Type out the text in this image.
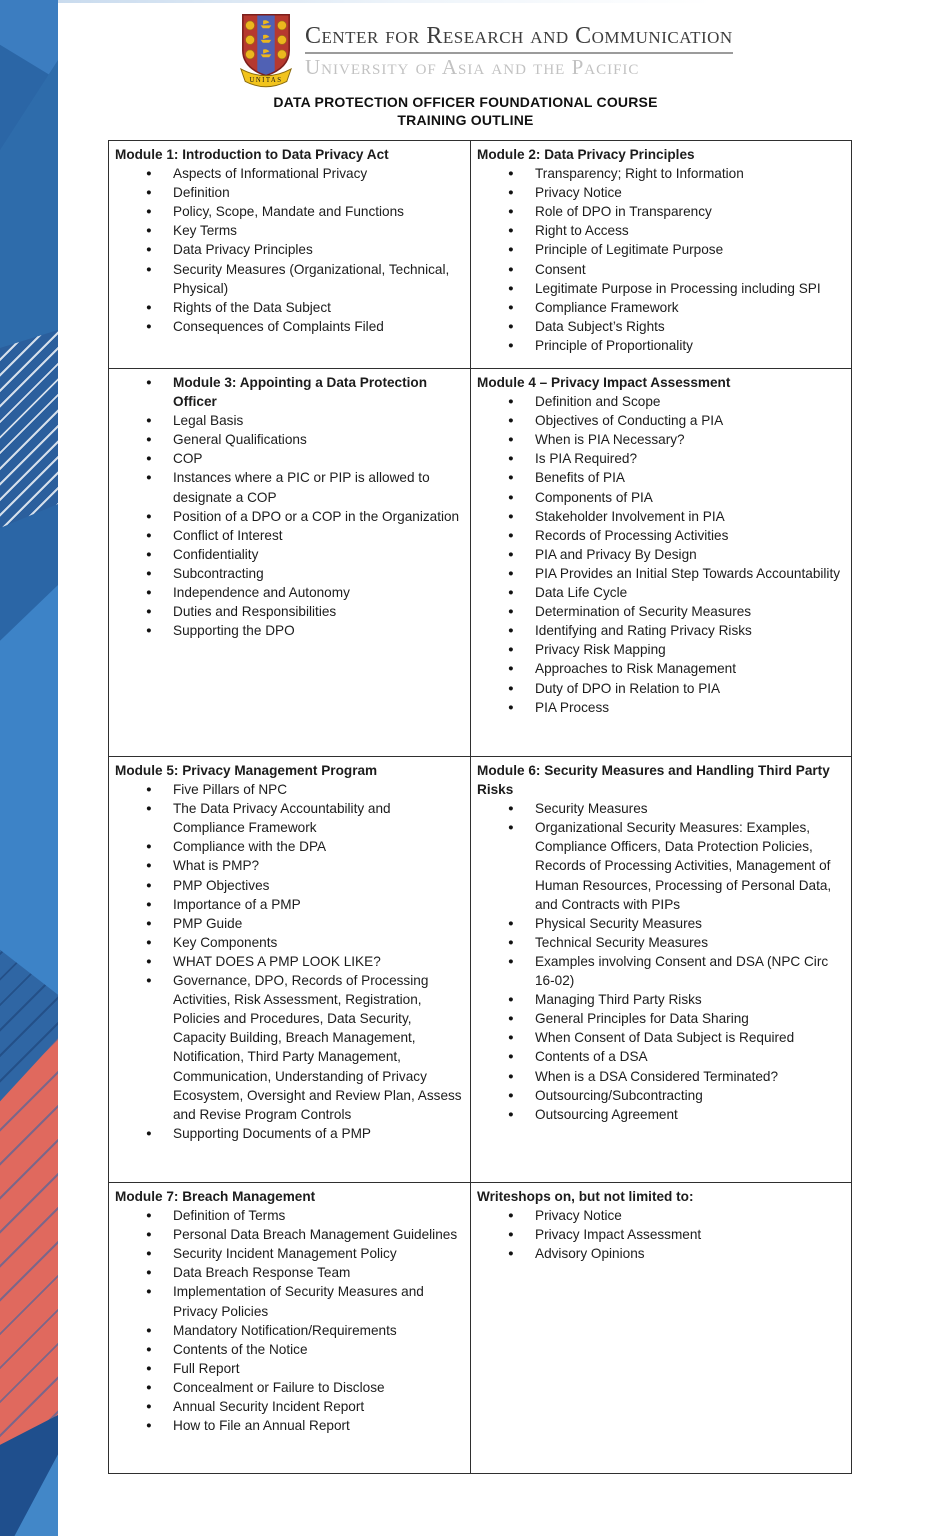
UNITAS
Center for Research and Communication
University of Asia and the Pacific
DATA PROTECTION OFFICER FOUNDATIONAL COURSE
TRAINING OUTLINE
Module 1: Introduction to Data Privacy Act
● Aspects of Informational Privacy
● Definition
● Policy, Scope, Mandate and Functions
● Key Terms
● Data Privacy Principles
● Security Measures (Organizational, Technical, Physical)
● Rights of the Data Subject
● Consequences of Complaints Filed
Module 2: Data Privacy Principles
● Transparency; Right to Information
● Privacy Notice
● Role of DPO in Transparency
● Right to Access
● Principle of Legitimate Purpose
● Consent
● Legitimate Purpose in Processing including SPI
● Compliance Framework
● Data Subject’s Rights
● Principle of Proportionality
● Module 3: Appointing a Data Protection Officer
● Legal Basis
● General Qualifications
● COP
● Instances where a PIC or PIP is allowed to designate a COP
● Position of a DPO or a COP in the Organization
● Conflict of Interest
● Confidentiality
● Subcontracting
● Independence and Autonomy
● Duties and Responsibilities
● Supporting the DPO
Module 4 – Privacy Impact Assessment
● Definition and Scope
● Objectives of Conducting a PIA
● When is PIA Necessary?
● Is PIA Required?
● Benefits of PIA
● Components of PIA
● Stakeholder Involvement in PIA
● Records of Processing Activities
● PIA and Privacy By Design
● PIA Provides an Initial Step Towards Accountability
● Data Life Cycle
● Determination of Security Measures
● Identifying and Rating Privacy Risks
● Privacy Risk Mapping
● Approaches to Risk Management
● Duty of DPO in Relation to PIA
● PIA Process
Module 5: Privacy Management Program
● Five Pillars of NPC
● The Data Privacy Accountability and Compliance Framework
● Compliance with the DPA
● What is PMP?
● PMP Objectives
● Importance of a PMP
● PMP Guide
● Key Components
● WHAT DOES A PMP LOOK LIKE?
● Governance, DPO, Records of Processing Activities, Risk Assessment, Registration, Policies and Procedures, Data Security, Capacity Building, Breach Management, Notification, Third Party Management, Communication, Understanding of Privacy Ecosystem, Oversight and Review Plan, Assess and Revise Program Controls
● Supporting Documents of a PMP
Module 6: Security Measures and Handling Third Party Risks
● Security Measures
● Organizational Security Measures: Examples, Compliance Officers, Data Protection Policies, Records of Processing Activities, Management of Human Resources, Processing of Personal Data, and Contracts with PIPs
● Physical Security Measures
● Technical Security Measures
● Examples involving Consent and DSA (NPC Circ 16-02)
● Managing Third Party Risks
● General Principles for Data Sharing
● When Consent of Data Subject is Required
● Contents of a DSA
● When is a DSA Considered Terminated?
● Outsourcing/Subcontracting
● Outsourcing Agreement
Module 7: Breach Management
● Definition of Terms
● Personal Data Breach Management Guidelines
● Security Incident Management Policy
● Data Breach Response Team
● Implementation of Security Measures and Privacy Policies
● Mandatory Notification/Requirements
● Contents of the Notice
● Full Report
● Concealment or Failure to Disclose
● Annual Security Incident Report
● How to File an Annual Report
Writeshops on, but not limited to:
● Privacy Notice
● Privacy Impact Assessment
● Advisory Opinions
